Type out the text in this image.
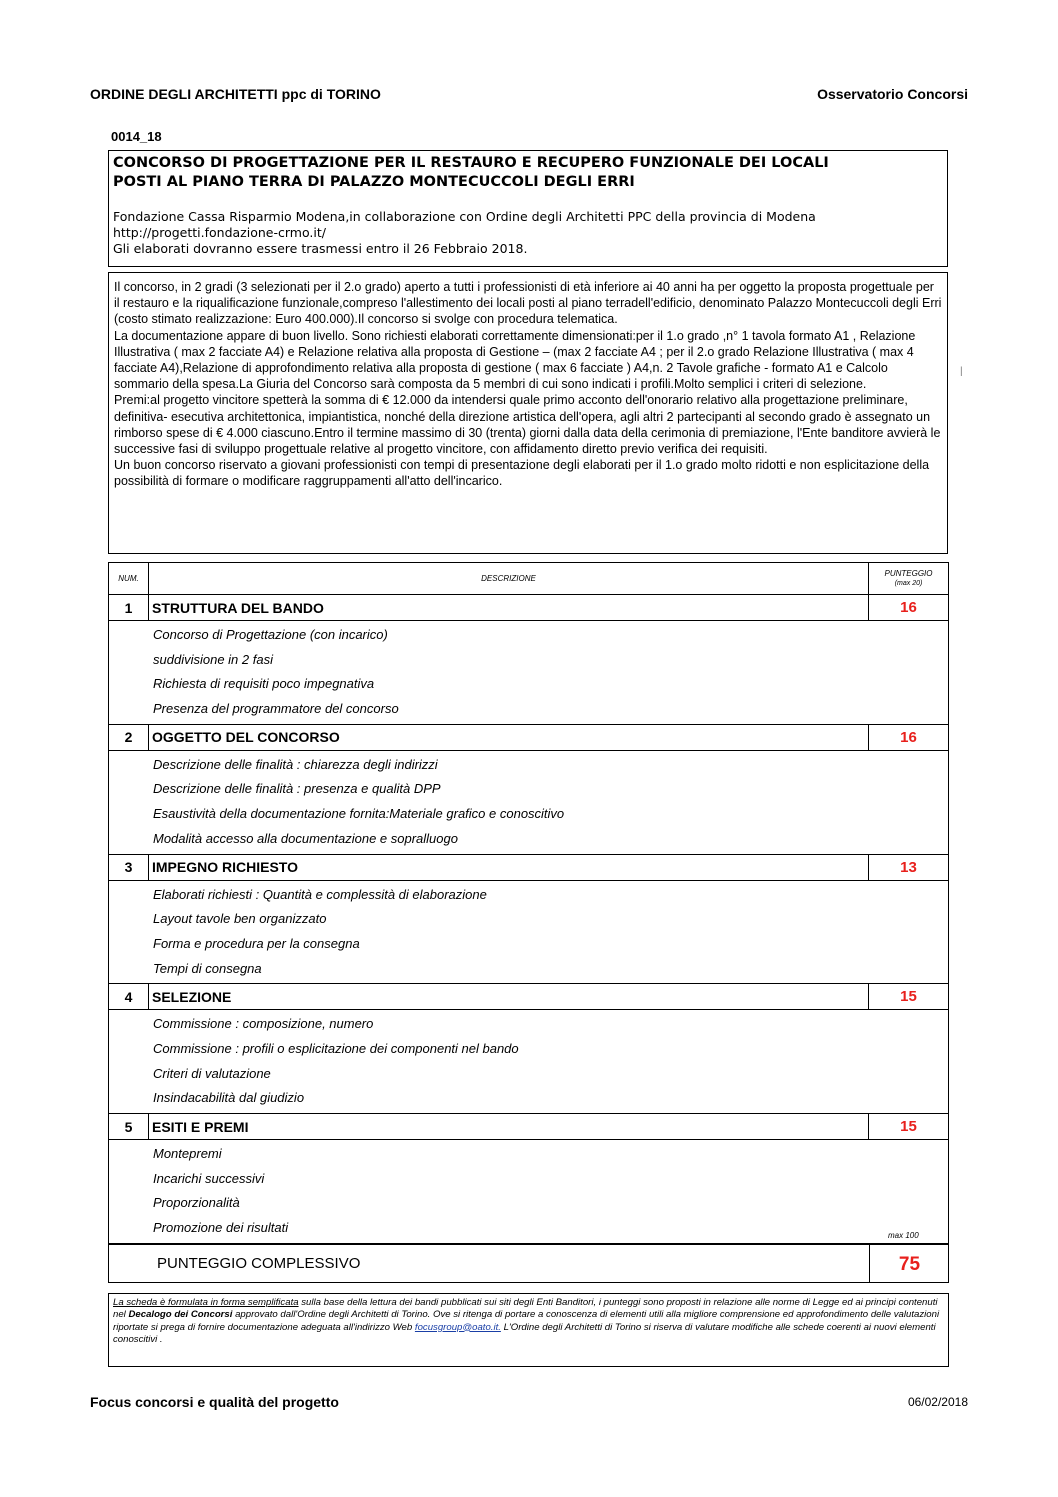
ORDINE DEGLI ARCHITETTI ppc di TORINO	Osservatorio Concorsi
0014_18
CONCORSO DI PROGETTAZIONE PER IL RESTAURO E RECUPERO FUNZIONALE DEI LOCALI
POSTI AL PIANO TERRA DI PALAZZO MONTECUCCOLI DEGLI ERRI
Fondazione Cassa Risparmio Modena,in collaborazione con Ordine degli Architetti PPC della provincia di Modena
http://progetti.fondazione-crmo.it/
Gli elaborati dovranno essere trasmessi entro il 26 Febbraio 2018.

Il concorso, in 2 gradi (3 selezionati per il 2.o grado) aperto a tutti i professionisti di età inferiore ai 40 anni ha per oggetto la proposta progettuale per il restauro e la riqualificazione funzionale,compreso l'allestimento dei locali posti al piano terradell'edificio, denominato Palazzo Montecuccoli degli Erri (costo stimato realizzazione: Euro 400.000).Il concorso si svolge con procedura telematica.

La documentazione appare di buon livello. Sono richiesti elaborati correttamente dimensionati:per il 1.o grado ,n° 1 tavola formato A1 , Relazione Illustrativa ( max 2 facciate A4) e Relazione relativa alla proposta di Gestione – (max 2 facciate A4 ; per il 2.o grado Relazione Illustrativa ( max 4 facciate A4),Relazione di approfondimento relativa alla proposta di gestione ( max 6 facciate ) A4,n. 2 Tavole grafiche - formato A1 e Calcolo sommario della spesa.La Giuria del Concorso sarà composta da 5 membri di cui sono indicati i profili.Molto semplici i criteri di selezione.

Premi:al progetto vincitore spetterà la somma di € 12.000 da intendersi quale primo acconto dell'onorario relativo alla progettazione preliminare, definitiva- esecutiva architettonica, impiantistica, nonché della direzione artistica dell'opera, agli altri 2 partecipanti al secondo grado è assegnato un rimborso spese di € 4.000 ciascuno.Entro il termine massimo di 30 (trenta) giorni dalla data della cerimonia di premiazione, l'Ente banditore avvierà le successive fasi di sviluppo progettuale relative al progetto vincitore, con affidamento diretto previo verifica dei requisiti.

Un buon concorso riservato a giovani professionisti con tempi di presentazione degli elaborati per il 1.o grado molto ridotti e non esplicitazione della possibilità di formare o modificare raggruppamenti all'atto dell'incarico.

|
NUM.	DESCRIZIONE	PUNTEGGIO
(max 20)
1	STRUTTURA DEL BANDO	16

Concorso di Progettazione (con incarico)
suddivisione in 2 fasi
Richiesta di requisiti poco impegnativa
Presenza del programmatore del concorso		

2	OGGETTO DEL CONCORSO	16

Descrizione delle finalità : chiarezza degli indirizzi
Descrizione delle finalità : presenza e qualità DPP
Esaustività della documentazione fornita:Materiale grafico e conoscitivo
Modalità accesso alla documentazione e sopralluogo		

3	IMPEGNO RICHIESTO	13

Elaborati richiesti : Quantità e complessità di elaborazione
Layout tavole ben organizzato
Forma e procedura per la consegna
Tempi di consegna		

4	SELEZIONE	15

Commissione : composizione, numero
Commissione : profili o esplicitazione dei componenti nel bando
Criteri di valutazione
Insindacabilità dal giudizio		

5	ESITI E PREMI	15

Montepremi
Incarichi successivi
Proporzionalità
Promozione dei risultati		
max 100
PUNTEGGIO COMPLESSIVO	75
La scheda è formulata in forma semplificata sulla base della lettura dei bandi pubblicati sui siti degli Enti Banditori, i punteggi sono proposti in relazione alle norme di Legge ed ai principi contenuti nel Decalogo dei Concorsi approvato dall'Ordine degli Architetti di Torino. Ove si ritenga di portare a conoscenza di elementi utili alla migliore comprensione ed approfondimento delle valutazioni riportate si prega di fornire documentazione adeguata all'indirizzo Web focusgroup@oato.it. L'Ordine degli Architetti di Torino si riserva di valutare modifiche alle schede coerenti ai nuovi elementi conoscitivi .
Focus concorsi e qualità del progetto	06/02/2018
